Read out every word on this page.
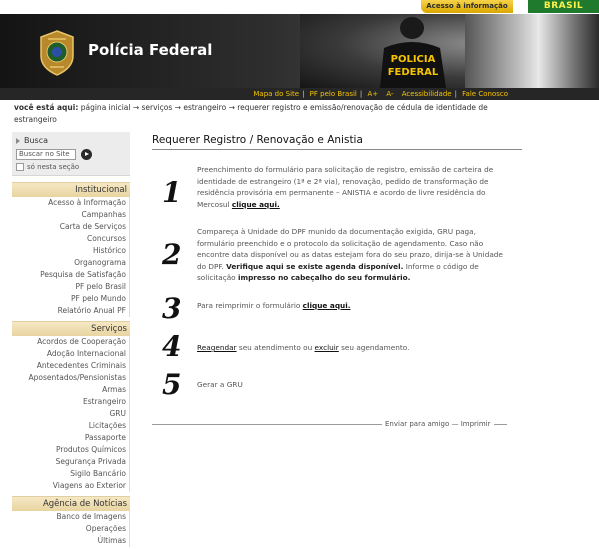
Acesso à informação	BRASIL
Polícia Federal
POLICIA
FEDERAL
Mapa do Site | PF pelo Brasil | A+ A- Acessibilidade | Fale Conosco
você está aqui: página inicial → serviços → estrangeiro → requerer registro e emissão/renovação de cédula de identidade de estrangeiro
Busca
Buscar no Site
só nesta seção
Institucional
Acesso à Informação
Campanhas
Carta de Serviços
Concursos
Histórico
Organograma
Pesquisa de Satisfação
PF pelo Brasil
PF pelo Mundo
Relatório Anual PF
Serviços
Acordos de Cooperação
Adoção Internacional
Antecedentes Criminais
Aposentados/Pensionistas
Armas
Estrangeiro
GRU
Licitações
Passaporte
Produtos Químicos
Segurança Privada
Sigilo Bancário
Viagens ao Exterior
Agência de Notícias
Banco de Imagens
Operações
Últimas
Requerer Registro / Renovação e Anistia
1
Preenchimento do formulário para solicitação de registro, emissão de carteira de identidade de estrangeiro (1ª e 2ª via), renovação, pedido de transformação de residência provisória em permanente – ANISTIA e acordo de livre residência do Mercosul clique aqui.
2
Compareça à Unidade do DPF munido da documentação exigida, GRU paga, formulário preenchido e o protocolo da solicitação de agendamento. Caso não encontre data disponível ou as datas estejam fora do seu prazo, dirija-se à Unidade do DPF. Verifique aqui se existe agenda disponível. Informe o código de solicitação impresso no cabeçalho do seu formulário.
3	Para reimprimir o formulário clique aqui.
4	Reagendar seu atendimento ou excluir seu agendamento.
5	Gerar a GRU
Enviar para amigo — Imprimir
